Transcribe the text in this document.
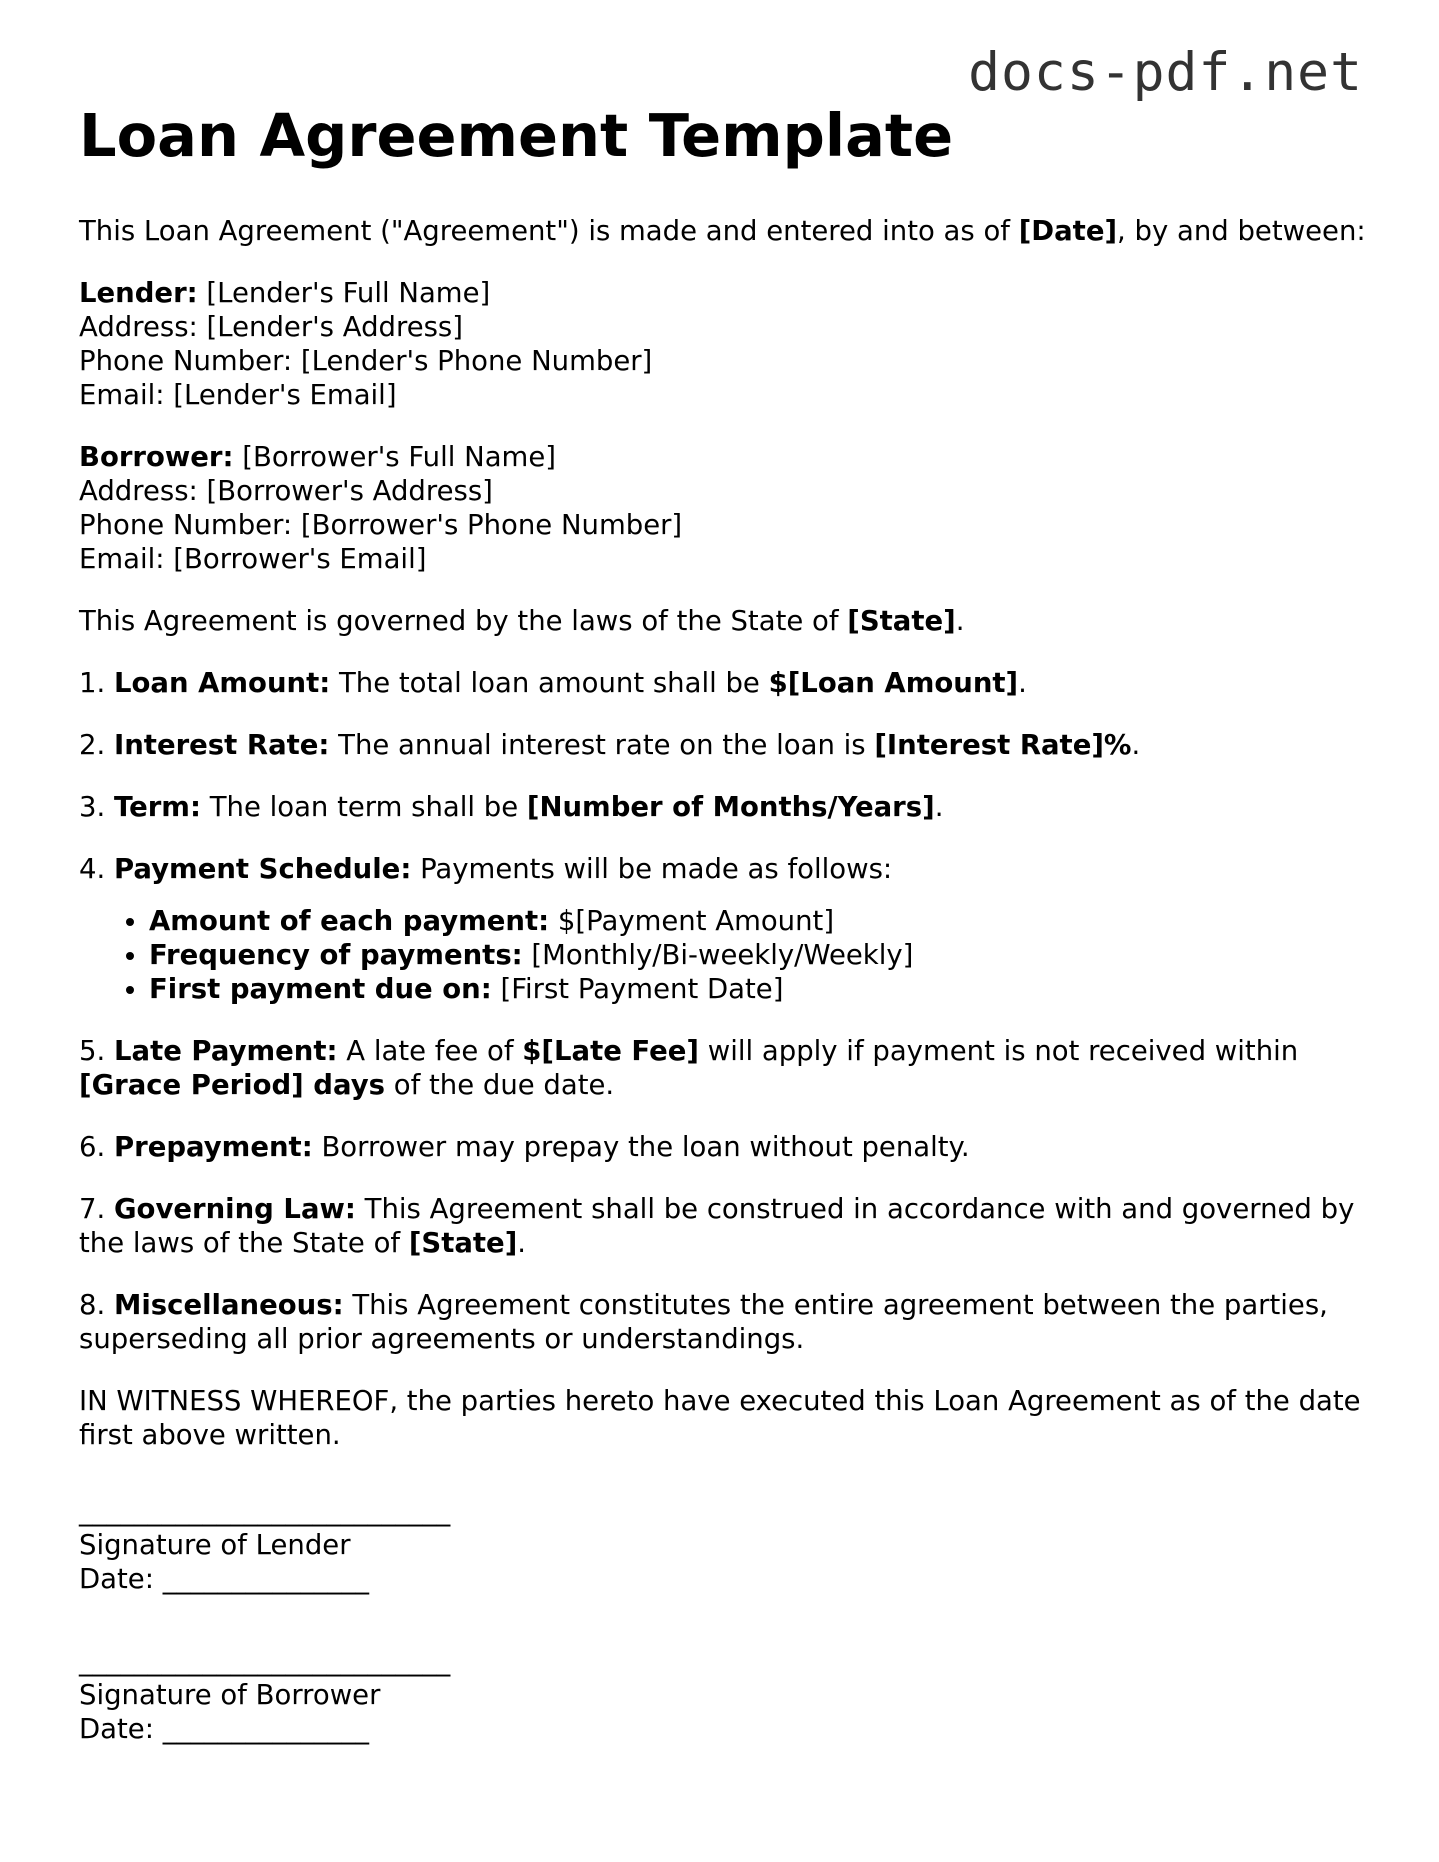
docs-pdf.net
Loan Agreement Template

This Loan Agreement ("Agreement") is made and entered into as of [Date], by and between:

Lender: [Lender's Full Name]
Address: [Lender's Address]
Phone Number: [Lender's Phone Number]
Email: [Lender's Email]

Borrower: [Borrower's Full Name]
Address: [Borrower's Address]
Phone Number: [Borrower's Phone Number]
Email: [Borrower's Email]

This Agreement is governed by the laws of the State of [State].

1. Loan Amount: The total loan amount shall be $[Loan Amount].

2. Interest Rate: The annual interest rate on the loan is [Interest Rate]%.

3. Term: The loan term shall be [Number of Months/Years].

4. Payment Schedule: Payments will be made as follows:

• Amount of each payment: $[Payment Amount]
• Frequency of payments: [Monthly/Bi-weekly/Weekly]
• First payment due on: [First Payment Date]

5. Late Payment: A late fee of $[Late Fee] will apply if payment is not received within [Grace Period] days of the due date.

6. Prepayment: Borrower may prepay the loan without penalty.

7. Governing Law: This Agreement shall be construed in accordance with and governed by the laws of the State of [State].

8. Miscellaneous: This Agreement constitutes the entire agreement between the parties, superseding all prior agreements or understandings.

IN WITNESS WHEREOF, the parties hereto have executed this Loan Agreement as of the date first above written.

___________________________
Signature of Lender
Date: _______________
___________________________
Signature of Borrower
Date: _______________
